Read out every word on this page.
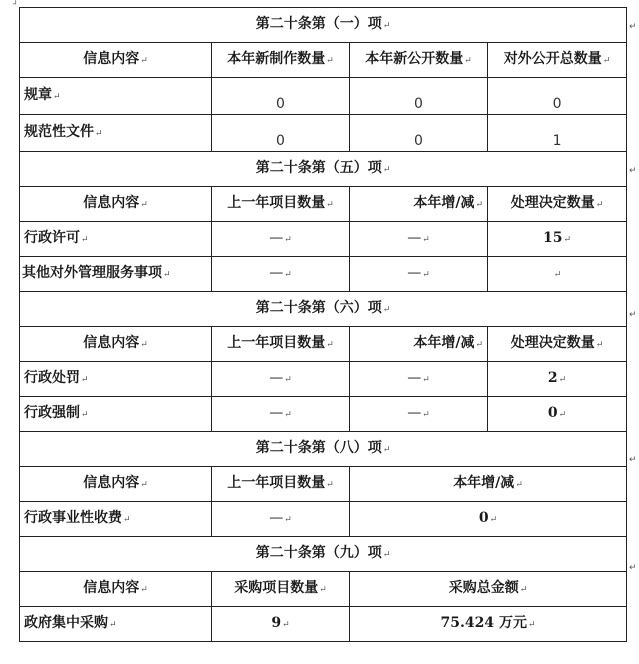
┘
第二十条第（一）项↵			
信息内容↵	本年新制作数量↵	本年新公开数量↵	对外公开总数量↵
规章↵	0	0	0
规范性文件↵	0	0	1
第二十条第（五）项↵			
信息内容↵	上一年项目数量↵	本年增/减↵	处理决定数量↵
行政许可↵	—↵	—↵	15↵
其他对外管理服务事项↵	—↵	—↵	↵
第二十条第（六）项↵			
信息内容↵	上一年项目数量↵	本年增/减↵	处理决定数量↵
行政处罚↵	—↵	—↵	2↵
行政强制↵	—↵	—↵	0↵
第二十条第（八）项↵			
信息内容↵	上一年项目数量↵	本年增/减↵	
行政事业性收费↵	—↵	0↵	
第二十条第（九）项↵			
信息内容↵	采购项目数量↵	采购总金额↵	
政府集中采购↵	9↵	75.424 万元↵	
↵
↵
↵
↵
↵
